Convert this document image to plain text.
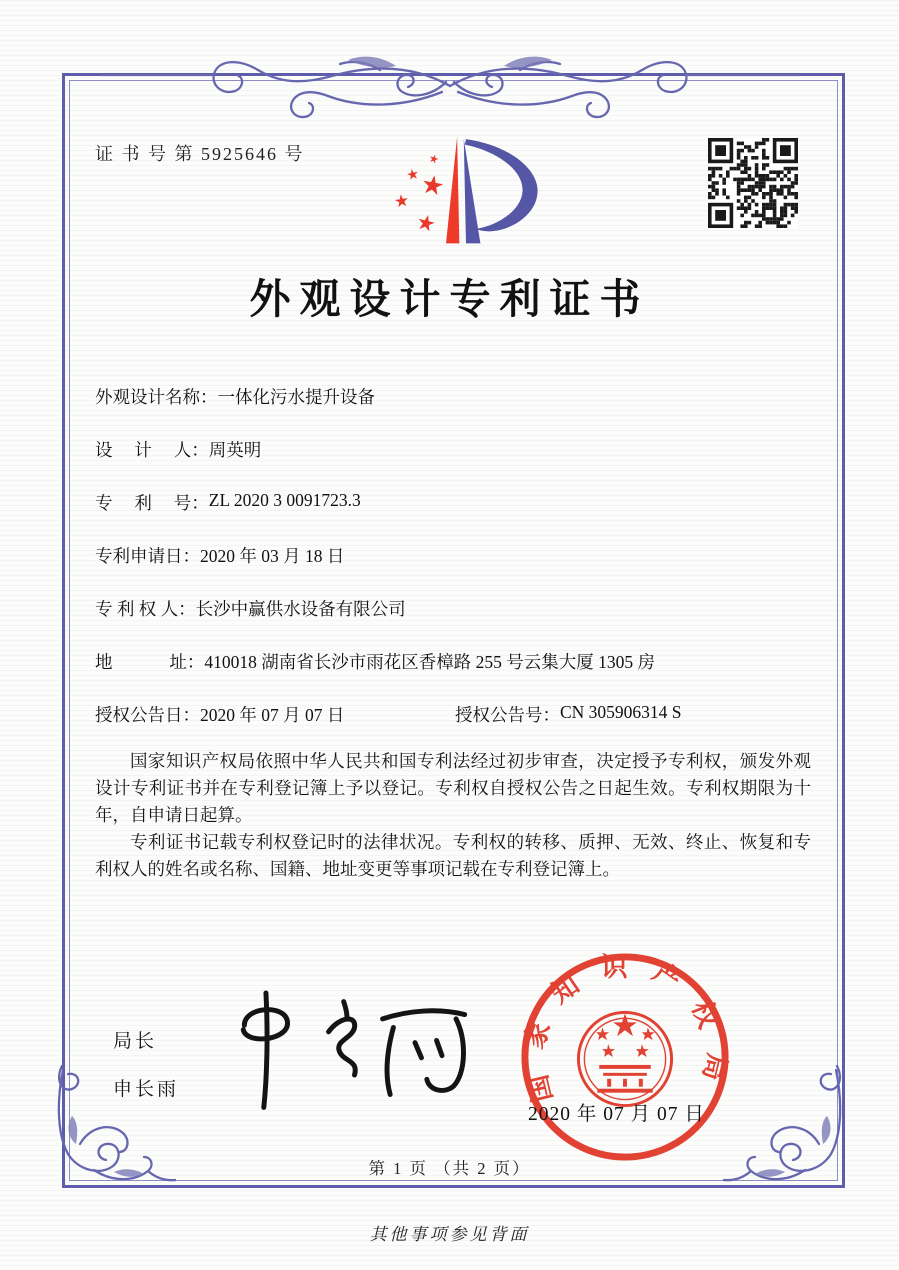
证 书 号 第 5925646 号
外观设计专利证书
外观设计名称： 一体化污水提升设备
设　 计　 人： 周英明
专　 利　 号： ZL 2020 3 0091723.3
专利申请日： 2020 年 03 月 18 日
专 利 权 人： 长沙中赢供水设备有限公司
地　　　 址： 410018 湖南省长沙市雨花区香樟路 255 号云集大厦 1305 房
授权公告日： 2020 年 07 月 07 日	授权公告号： CN 305906314 S

国家知识产权局依照中华人民共和国专利法经过初步审查，决定授予专利权，颁发外观设计专利证书并在专利登记簿上予以登记。专利权自授权公告之日起生效。专利权期限为十年，自申请日起算。

专利证书记载专利权登记时的法律状况。专利权的转移、质押、无效、终止、恢复和专利权人的姓名或名称、国籍、地址变更等事项记载在专利登记簿上。

局长
申长雨	国家知识产权局
2020 年 07 月 07 日
第 1 页 （共 2 页）
其他事项参见背面
